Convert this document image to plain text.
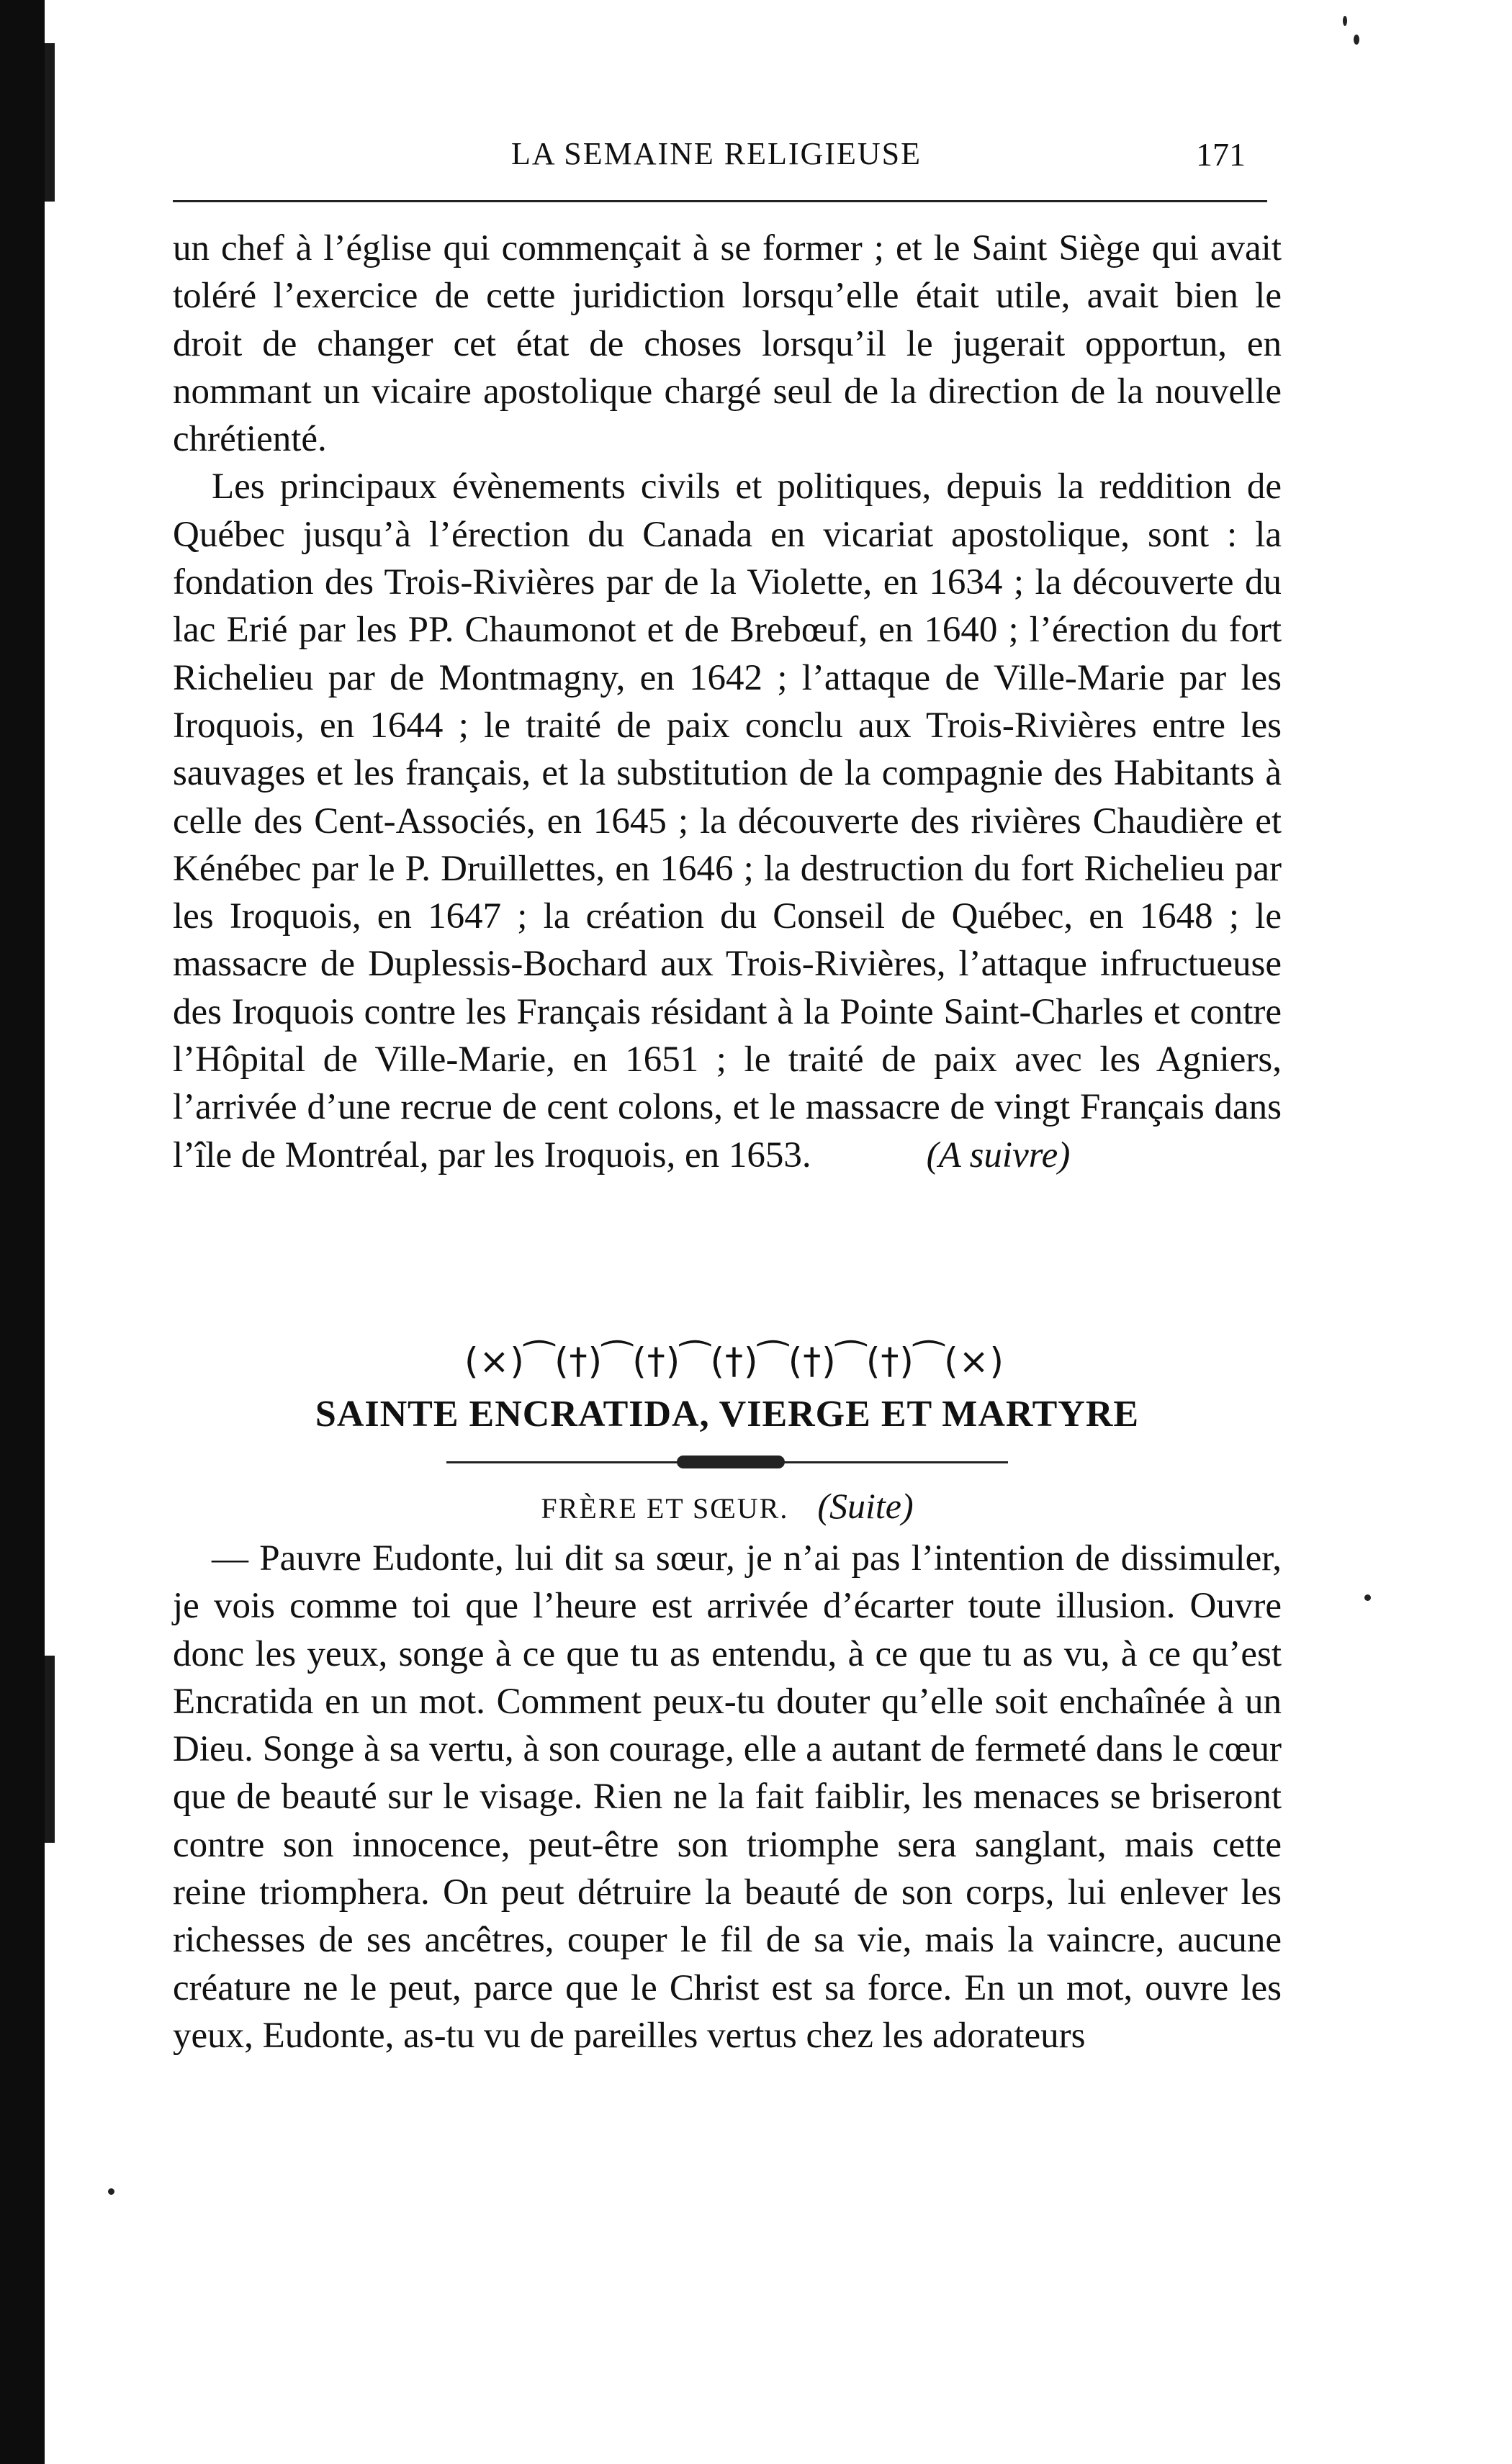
LA SEMAINE RELIGIEUSE	171

un chef à l’église qui commençait à se former ; et le Saint Siège qui avait toléré l’exercice de cette juridiction lorsqu’elle était utile, avait bien le droit de changer cet état de choses lorsqu’il le jugerait opportun, en nommant un vicaire apostolique chargé seul de la direction de la nouvelle chrétienté.

Les principaux évènements civils et politiques, depuis la reddition de Québec jusqu’à l’érection du Canada en vicariat apostolique, sont : la fondation des Trois-Rivières par de la Violette, en 1634 ; la découverte du lac Erié par les PP. Chaumonot et de Brebœuf, en 1640 ; l’érection du fort Richelieu par de Montmagny, en 1642 ; l’attaque de Ville-Marie par les Iroquois, en 1644 ; le traité de paix conclu aux Trois-Rivières entre les sauvages et les français, et la substitution de la compagnie des Habitants à celle des Cent-Associés, en 1645 ; la découverte des rivières Chaudière et Kénébec par le P. Druillettes, en 1646 ; la destruction du fort Richelieu par les Iroquois, en 1647 ; la création du Conseil de Québec, en 1648 ; le massacre de Duplessis-Bochard aux Trois-Rivières, l’attaque infructueuse des Iroquois contre les Français résidant à la Pointe Saint-Charles et contre l’Hôpital de Ville-Marie, en 1651 ; le traité de paix avec les Agniers, l’arrivée d’une recrue de cent colons, et le massacre de vingt Français dans l’île de Montréal, par les Iroquois, en 1653.	(A suivre)

(×)⁀(†)⁀(†)⁀(†)⁀(†)⁀(†)⁀(×)
SAINTE ENCRATIDA, VIERGE ET MARTYRE
FRÈRE ET SŒUR. (Suite)

— Pauvre Eudonte, lui dit sa sœur, je n’ai pas l’intention de dissimuler, je vois comme toi que l’heure est arrivée d’écarter toute illusion. Ouvre donc les yeux, songe à ce que tu as entendu, à ce que tu as vu, à ce qu’est Encratida en un mot. Comment peux-tu douter qu’elle soit enchaînée à un Dieu. Songe à sa vertu, à son courage, elle a autant de fermeté dans le cœur que de beauté sur le visage. Rien ne la fait faiblir, les menaces se briseront contre son innocence, peut-être son triomphe sera sanglant, mais cette reine triomphera. On peut détruire la beauté de son corps, lui enlever les richesses de ses ancêtres, couper le fil de sa vie, mais la vaincre, aucune créature ne le peut, parce que le Christ est sa force. En un mot, ouvre les yeux, Eudonte, as-tu vu de pareilles vertus chez les adorateurs
